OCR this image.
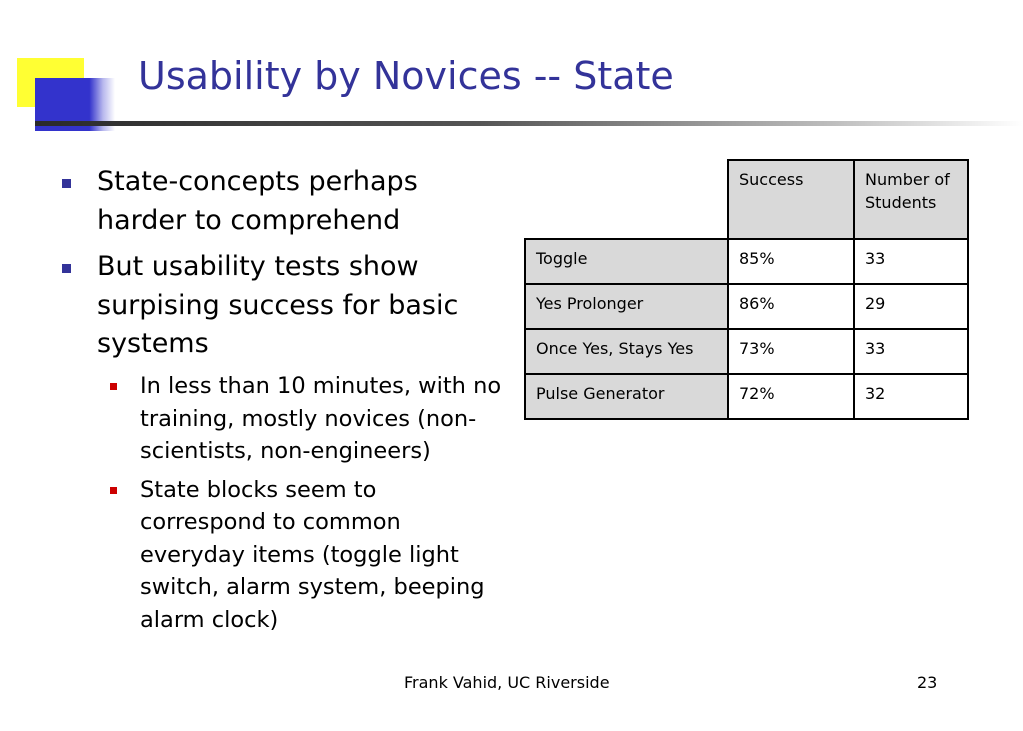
Usability by Novices -- State
State-concepts perhaps harder to comprehend
But usability tests show surpising success for basic systems
In less than 10 minutes, with no training, mostly novices (non-scientists, non-engineers)
State blocks seem to correspond to common everyday items (toggle light switch, alarm system, beeping alarm clock)
	Success	Number of Students
Toggle	85%	33
Yes Prolonger	86%	29
Once Yes, Stays Yes	73%	33
Pulse Generator	72%	32
Frank Vahid, UC Riverside	23
